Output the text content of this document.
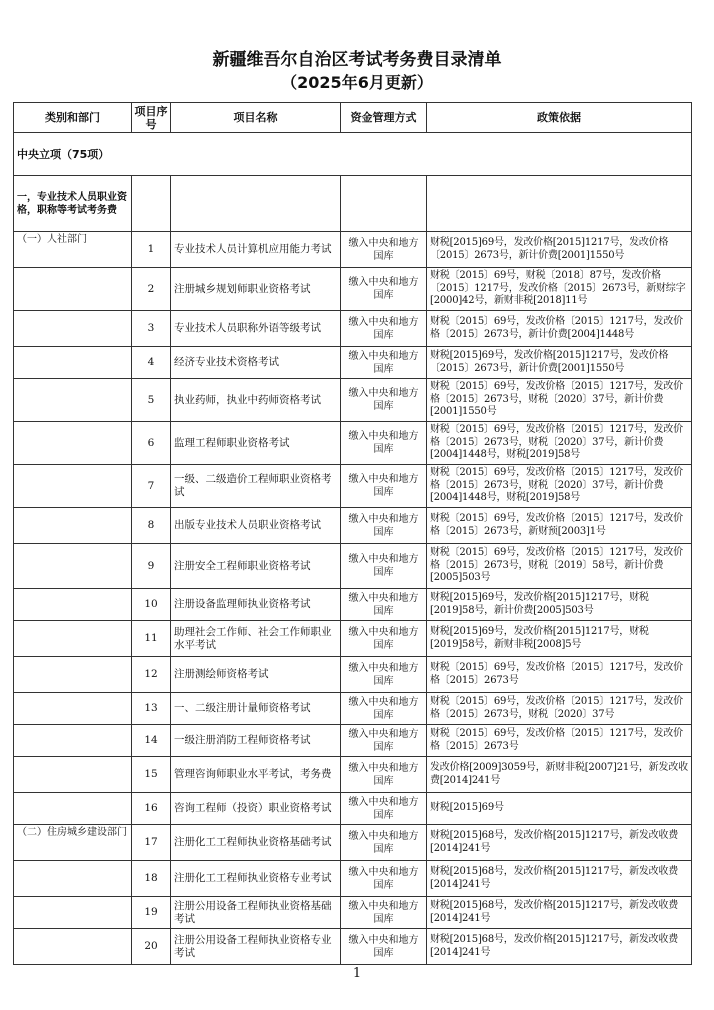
新疆维吾尔自治区考试考务费目录清单
（2025年6月更新）
类别和部门	项目序号	项目名称	资金管理方式	政策依据
中央立项（75项）				
一，专业技术人员职业资格，职称等考试考务费				
（一）人社部门	1	专业技术人员计算机应用能力考试	缴入中央和地方国库	财税[2015]69号，发改价格[2015]1217号，发改价格〔2015〕2673号，新计价费[2001]1550号
	2	注册城乡规划师职业资格考试	缴入中央和地方国库	财税〔2015〕69号，财税〔2018〕87号，发改价格〔2015〕1217号，发改价格〔2015〕2673号，新财综字[2000]42号，新财非税[2018]11号
	3	专业技术人员职称外语等级考试	缴入中央和地方国库	财税〔2015〕69号，发改价格〔2015〕1217号，发改价格〔2015〕2673号，新计价费[2004]1448号
	4	经济专业技术资格考试	缴入中央和地方国库	财税[2015]69号，发改价格[2015]1217号，发改价格〔2015〕2673号，新计价费[2001]1550号
	5	执业药师，执业中药师资格考试	缴入中央和地方国库	财税〔2015〕69号，发改价格〔2015〕1217号，发改价格〔2015〕2673号，财税〔2020〕37号，新计价费[2001]1550号
	6	监理工程师职业资格考试	缴入中央和地方国库	财税〔2015〕69号，发改价格〔2015〕1217号，发改价格〔2015〕2673号，财税〔2020〕37号，新计价费[2004]1448号，财税[2019]58号
	7	一级、二级造价工程师职业资格考试	缴入中央和地方国库	财税〔2015〕69号，发改价格〔2015〕1217号，发改价格〔2015〕2673号，财税〔2020〕37号，新计价费[2004]1448号，财税[2019]58号
	8	出版专业技术人员职业资格考试	缴入中央和地方国库	财税〔2015〕69号，发改价格〔2015〕1217号，发改价格〔2015〕2673号，新财预[2003]1号
	9	注册安全工程师职业资格考试	缴入中央和地方国库	财税〔2015〕69号，发改价格〔2015〕1217号，发改价格〔2015〕2673号，财税〔2019〕58号，新计价费[2005]503号
	10	注册设备监理师执业资格考试	缴入中央和地方国库	财税[2015]69号，发改价格[2015]1217号，财税[2019]58号，新计价费[2005]503号
	11	助理社会工作师、社会工作师职业水平考试	缴入中央和地方国库	财税[2015]69号，发改价格[2015]1217号，财税[2019]58号，新财非税[2008]5号
	12	注册测绘师资格考试	缴入中央和地方国库	财税〔2015〕69号，发改价格〔2015〕1217号，发改价格〔2015〕2673号
	13	一、二级注册计量师资格考试	缴入中央和地方国库	财税〔2015〕69号，发改价格〔2015〕1217号，发改价格〔2015〕2673号，财税〔2020〕37号
	14	一级注册消防工程师资格考试	缴入中央和地方国库	财税〔2015〕69号，发改价格〔2015〕1217号，发改价格〔2015〕2673号
	15	管理咨询师职业水平考试，考务费	缴入中央和地方国库	发改价格[2009]3059号，新财非税[2007]21号，新发改收费[2014]241号
	16	咨询工程师（投资）职业资格考试	缴入中央和地方国库	财税[2015]69号
（二）住房城乡建设部门	17	注册化工工程师执业资格基础考试	缴入中央和地方国库	财税[2015]68号，发改价格[2015]1217号，新发改收费[2014]241号
	18	注册化工工程师执业资格专业考试	缴入中央和地方国库	财税[2015]68号，发改价格[2015]1217号，新发改收费[2014]241号
	19	注册公用设备工程师执业资格基础考试	缴入中央和地方国库	财税[2015]68号，发改价格[2015]1217号，新发改收费[2014]241号
	20	注册公用设备工程师执业资格专业考试	缴入中央和地方国库	财税[2015]68号，发改价格[2015]1217号，新发改收费[2014]241号
1
